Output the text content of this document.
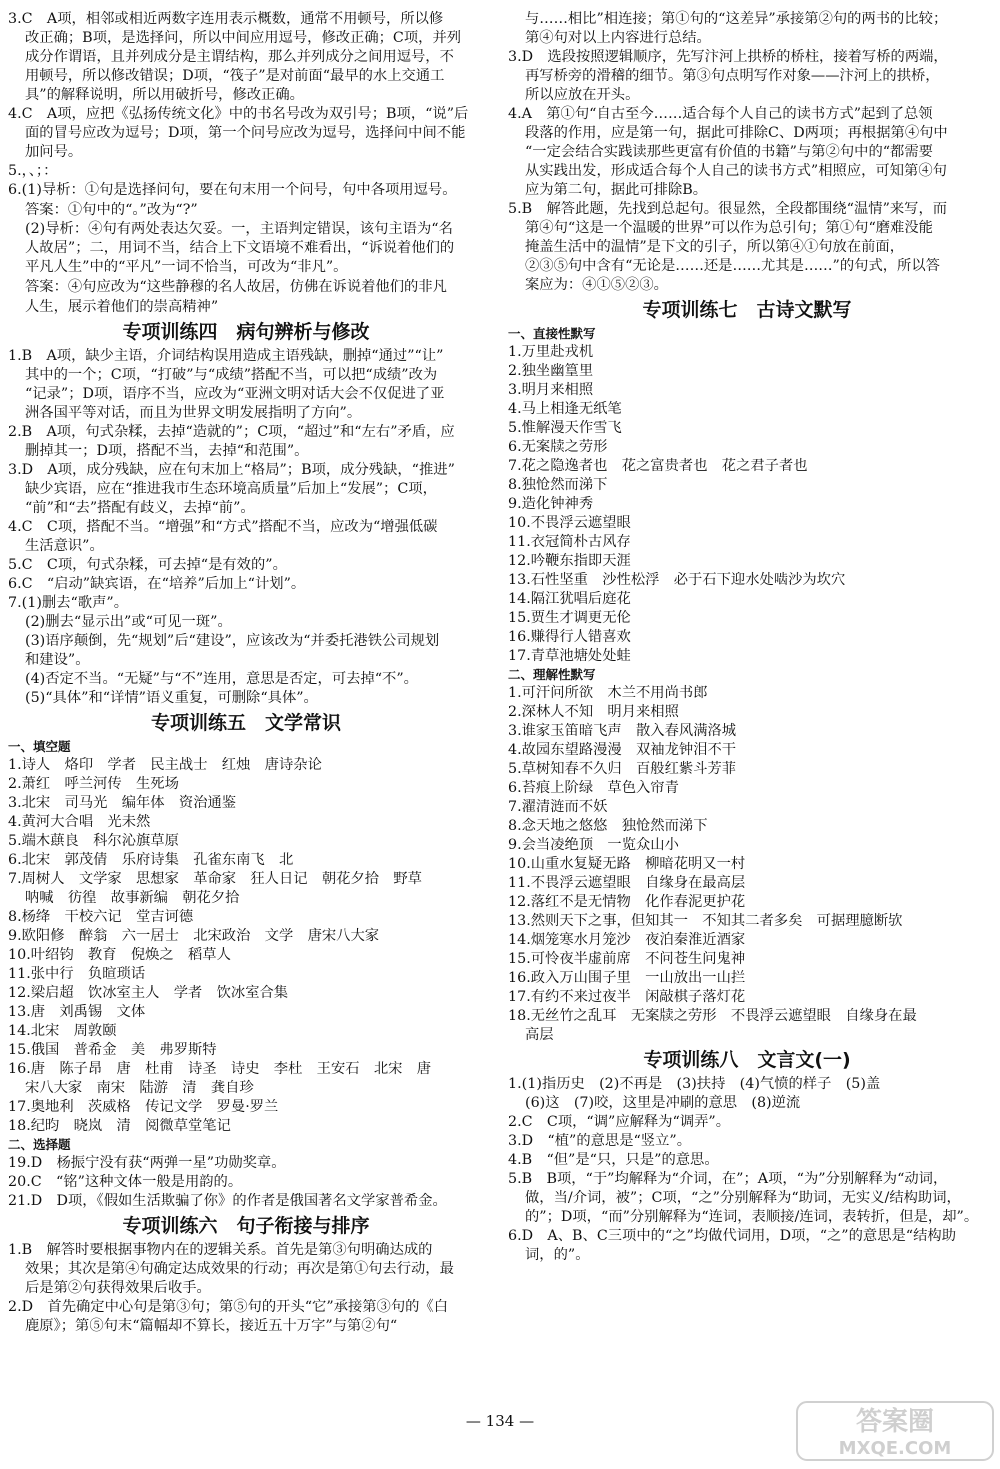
3.C　A项，相邻或相近两数字连用表示概数，通常不用顿号，所以修
改正确；B项，是选择问，所以中间应用逗号，修改正确；C项，并列
成分作谓语，且并列成分是主谓结构，那么并列成分之间用逗号，不
用顿号，所以修改错误；D项，“筏子”是对前面“最早的水上交通工
具”的解释说明，所以用破折号，修改正确。
4.C　A项，应把《弘扬传统文化》中的书名号改为双引号；B项，“说”后
面的冒号应改为逗号；D项，第一个问号应改为逗号，选择问中间不能
加问号。
5.，、；：
6.(1)导析：①句是选择问句，要在句末用一个问号，句中各项用逗号。
答案：①句中的“。”改为“?”
(2)导析：④句有两处表达欠妥。一，主语判定错误，该句主语为“名
人故居”；二，用词不当，结合上下文语境不难看出，“诉说着他们的
平凡人生”中的“平凡”一词不恰当，可改为“非凡”。
答案：④句应改为“这些静穆的名人故居，仿佛在诉说着他们的非凡
人生，展示着他们的崇高精神”
专项训练四　病句辨析与修改
1.B　A项，缺少主语，介词结构误用造成主语残缺，删掉“通过”“让”
其中的一个；C项，“打破”与“成绩”搭配不当，可以把“成绩”改为
“记录”；D项，语序不当，应改为“亚洲文明对话大会不仅促进了亚
洲各国平等对话，而且为世界文明发展指明了方向”。
2.B　A项，句式杂糅，去掉“造就的”；C项，“超过”和“左右”矛盾，应
删掉其一；D项，搭配不当，去掉“和范围”。
3.D　A项，成分残缺，应在句末加上“格局”；B项，成分残缺，“推进”
缺少宾语，应在“推进我市生态环境高质量”后加上“发展”；C项，
“前”和“去”搭配有歧义，去掉“前”。
4.C　C项，搭配不当。“增强”和“方式”搭配不当，应改为“增强低碳
生活意识”。
5.C　C项，句式杂糅，可去掉“是有效的”。
6.C　“启动”缺宾语，在“培养”后加上“计划”。
7.(1)删去“歌声”。
(2)删去“显示出”或“可见一斑”。
(3)语序颠倒，先“规划”后“建设”，应该改为“并委托港铁公司规划
和建设”。
(4)否定不当。“无疑”与“不”连用，意思是否定，可去掉“不”。
(5)“具体”和“详情”语义重复，可删除“具体”。
专项训练五　文学常识
一、填空题
1.诗人　烙印　学者　民主战士　红烛　唐诗杂论
2.萧红　呼兰河传　生死场
3.北宋　司马光　编年体　资治通鉴
4.黄河大合唱　光未然
5.端木蕻良　科尔沁旗草原
6.北宋　郭茂倩　乐府诗集　孔雀东南飞　北
7.周树人　文学家　思想家　革命家　狂人日记　朝花夕拾　野草
呐喊　彷徨　故事新编　朝花夕拾
8.杨绛　干校六记　堂吉诃德
9.欧阳修　醉翁　六一居士　北宋政治　文学　唐宋八大家
10.叶绍钧　教育　倪焕之　稻草人
11.张中行　负暄琐话
12.梁启超　饮冰室主人　学者　饮冰室合集
13.唐　刘禹锡　文体
14.北宋　周敦颐
15.俄国　普希金　美　弗罗斯特
16.唐　陈子昂　唐　杜甫　诗圣　诗史　李杜　王安石　北宋　唐
宋八大家　南宋　陆游　清　龚自珍
17.奥地利　茨威格　传记文学　罗曼·罗兰
18.纪昀　晓岚　清　阅微草堂笔记
二、选择题
19.D　杨振宁没有获“两弹一星”功勋奖章。
20.C　“铭”这种文体一般是用韵的。
21.D　D项，《假如生活欺骗了你》的作者是俄国著名文学家普希金。
专项训练六　句子衔接与排序
1.B　解答时要根据事物内在的逻辑关系。首先是第③句明确达成的
效果；其次是第④句确定达成效果的行动；再次是第①句去行动，最
后是第②句获得效果后收手。
2.D　首先确定中心句是第③句；第⑤句的开头“它”承接第③句的《白
鹿原》；第⑤句末“篇幅却不算长，接近五十万字”与第②句“
与……相比”相连接；第①句的“这差异”承接第②句的两书的比较；
第④句对以上内容进行总结。
3.D　选段按照逻辑顺序，先写汴河上拱桥的桥柱，接着写桥的两端，
再写桥旁的滑稽的细节。第③句点明写作对象——汴河上的拱桥，
所以应放在开头。
4.A　第①句“自古至今……适合每个人自己的读书方式”起到了总领
段落的作用，应是第一句，据此可排除C、D两项；再根据第④句中
“一定会结合实践读那些更富有价值的书籍”与第②句中的“都需要
从实践出发，形成适合每个人自己的读书方式”相照应，可知第④句
应为第二句，据此可排除B。
5.B　解答此题，先找到总起句。很显然，全段都围绕“温情”来写，而
第④句“这是一个温暖的世界”可以作为总引句；第①句“磨难没能
掩盖生活中的温情”是下文的引子，所以第④①句放在前面，
②③⑤句中含有“无论是……还是……尤其是……”的句式，所以答
案应为：④①⑤②③。
专项训练七　古诗文默写
一、直接性默写
1.万里赴戎机
2.独坐幽篁里
3.明月来相照
4.马上相逢无纸笔
5.惟解漫天作雪飞
6.无案牍之劳形
7.花之隐逸者也　花之富贵者也　花之君子者也
8.独怆然而涕下
9.造化钟神秀
10.不畏浮云遮望眼
11.衣冠简朴古风存
12.吟鞭东指即天涯
13.石性坚重　沙性松浮　必于石下迎水处啮沙为坎穴
14.隔江犹唱后庭花
15.贾生才调更无伦
16.赚得行人错喜欢
17.青草池塘处处蛙
二、理解性默写
1.可汗问所欲　木兰不用尚书郎
2.深林人不知　明月来相照
3.谁家玉笛暗飞声　散入春风满洛城
4.故园东望路漫漫　双袖龙钟泪不干
5.草树知春不久归　百般红紫斗芳菲
6.苔痕上阶绿　草色入帘青
7.濯清涟而不妖
8.念天地之悠悠　独怆然而涕下
9.会当凌绝顶　一览众山小
10.山重水复疑无路　柳暗花明又一村
11.不畏浮云遮望眼　自缘身在最高层
12.落红不是无情物　化作春泥更护花
13.然则天下之事，但知其一　不知其二者多矣　可据理臆断欤
14.烟笼寒水月笼沙　夜泊秦淮近酒家
15.可怜夜半虚前席　不问苍生问鬼神
16.政入万山围子里　一山放出一山拦
17.有约不来过夜半　闲敲棋子落灯花
18.无丝竹之乱耳　无案牍之劳形　不畏浮云遮望眼　自缘身在最
高层
专项训练八　文言文(一)
1.(1)指历史　(2)不再是　(3)扶持　(4)气愤的样子　(5)盖
(6)这　(7)咬，这里是冲刷的意思　(8)逆流
2.C　C项，“调”应解释为“调弄”。
3.D　“植”的意思是“竖立”。
4.B　“但”是“只，只是”的意思。
5.B　B项，“于”均解释为“介词，在”；A项，“为”分别解释为“动词，
做，当/介词，被”；C项，“之”分别解释为“助词，无实义/结构助词，
的”；D项，“而”分别解释为“连词，表顺接/连词，表转折，但是，却”。
6.D　A、B、C三项中的“之”均做代词用，D项，“之”的意思是“结构助
词，的”。
— 134 —	答案圈
MXQE.COM
